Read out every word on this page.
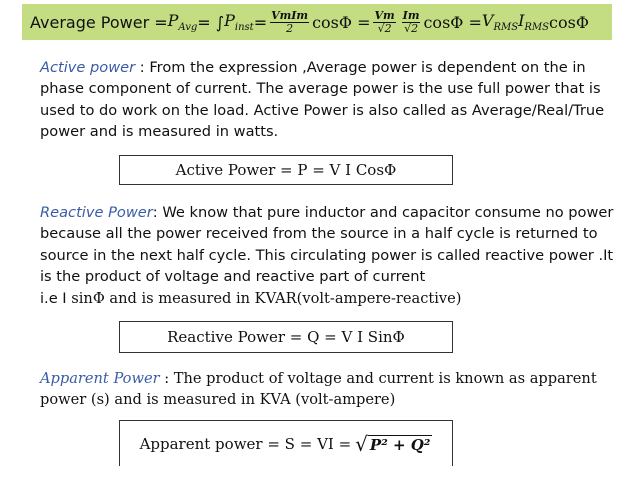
Average Power = $P_{Avg}$ = ∫ $P_{inst} = \frac{\text{VmIm}}{2}$ $\cos\Phi = \frac{Vm}{√2} \frac{Im}{√2}$ $\cos\Phi = V_{RMS}$ $I_{RMS}$ cosΦ
Active power : From the expression ,Average power is dependent on the in phase component of current. The average power is the use full power that is used to do work on the load. Active Power is also called as Average/Real/True power and is measured in watts.
Active Power = P = V I CosΦ
Reactive Power: We know that pure inductor and capacitor consume no power because all the power received from the source in a half cycle is returned to source in the next half cycle. This circulating power is called reactive power .It is the product of voltage and reactive part of current
i.e I sinΦ and is measured in KVAR(volt-ampere-reactive)
Reactive Power = Q = V I SinΦ
Apparent Power : The product of voltage and current is known as apparent power (s) and is measured in KVA (volt-ampere)
Apparent power = S = VI = √ P² + Q²
